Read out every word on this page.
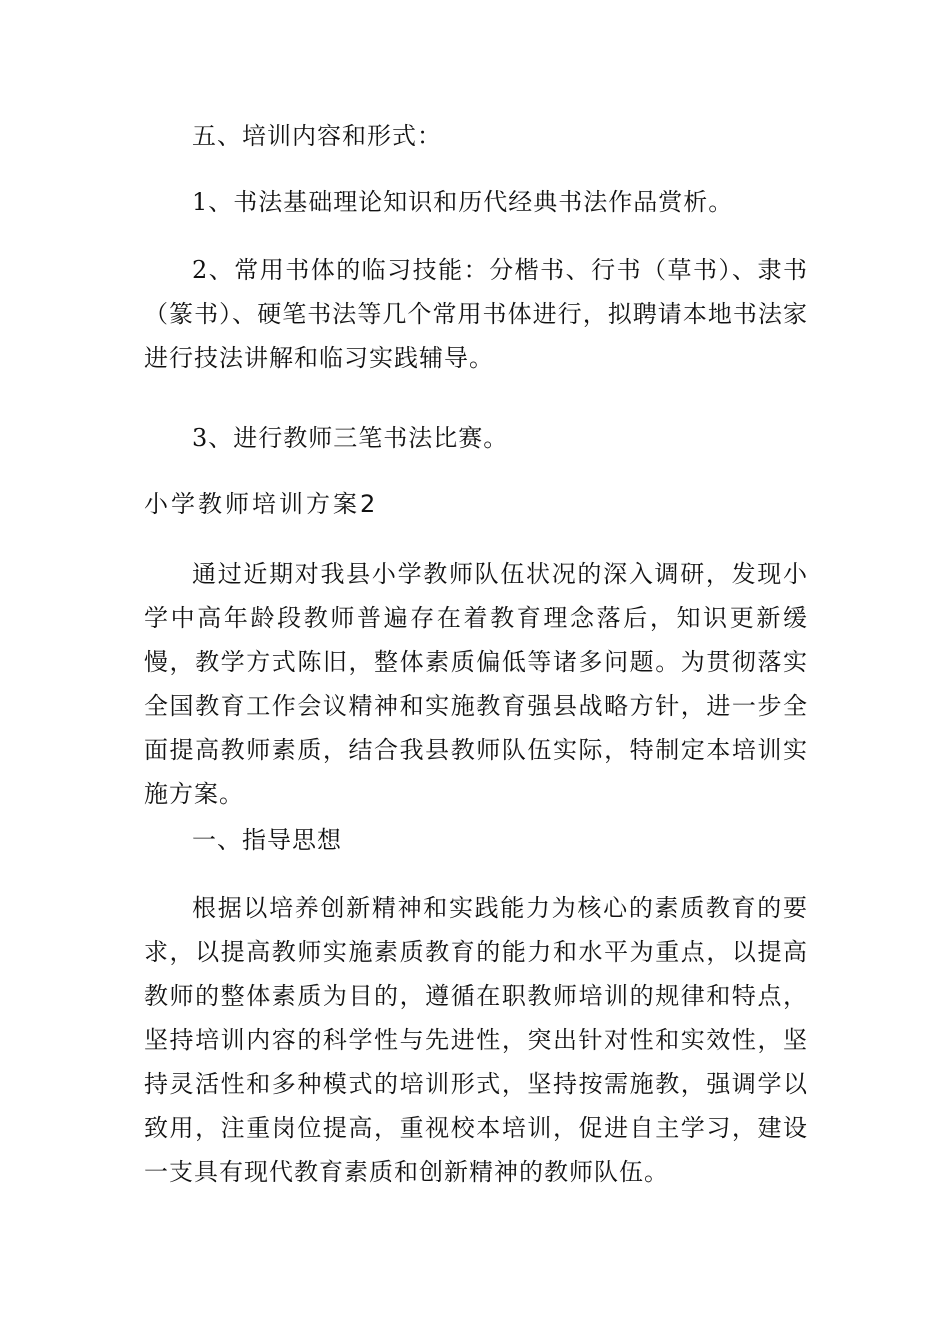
五、培训内容和形式：

1、书法基础理论知识和历代经典书法作品赏析。

2、常用书体的临习技能：分楷书、行书（草书）、隶书（篆书）、硬笔书法等几个常用书体进行，拟聘请本地书法家进行技法讲解和临习实践辅导。

3、进行教师三笔书法比赛。

小学教师培训方案2

通过近期对我县小学教师队伍状况的深入调研，发现小学中高年龄段教师普遍存在着教育理念落后，知识更新缓慢，教学方式陈旧，整体素质偏低等诸多问题。为贯彻落实全国教育工作会议精神和实施教育强县战略方针，进一步全面提高教师素质，结合我县教师队伍实际，特制定本培训实施方案。

一、指导思想

根据以培养创新精神和实践能力为核心的素质教育的要求，以提高教师实施素质教育的能力和水平为重点，以提高教师的整体素质为目的，遵循在职教师培训的规律和特点，坚持培训内容的科学性与先进性，突出针对性和实效性，坚持灵活性和多种模式的培训形式，坚持按需施教，强调学以致用，注重岗位提高，重视校本培训，促进自主学习，建设一支具有现代教育素质和创新精神的教师队伍。
